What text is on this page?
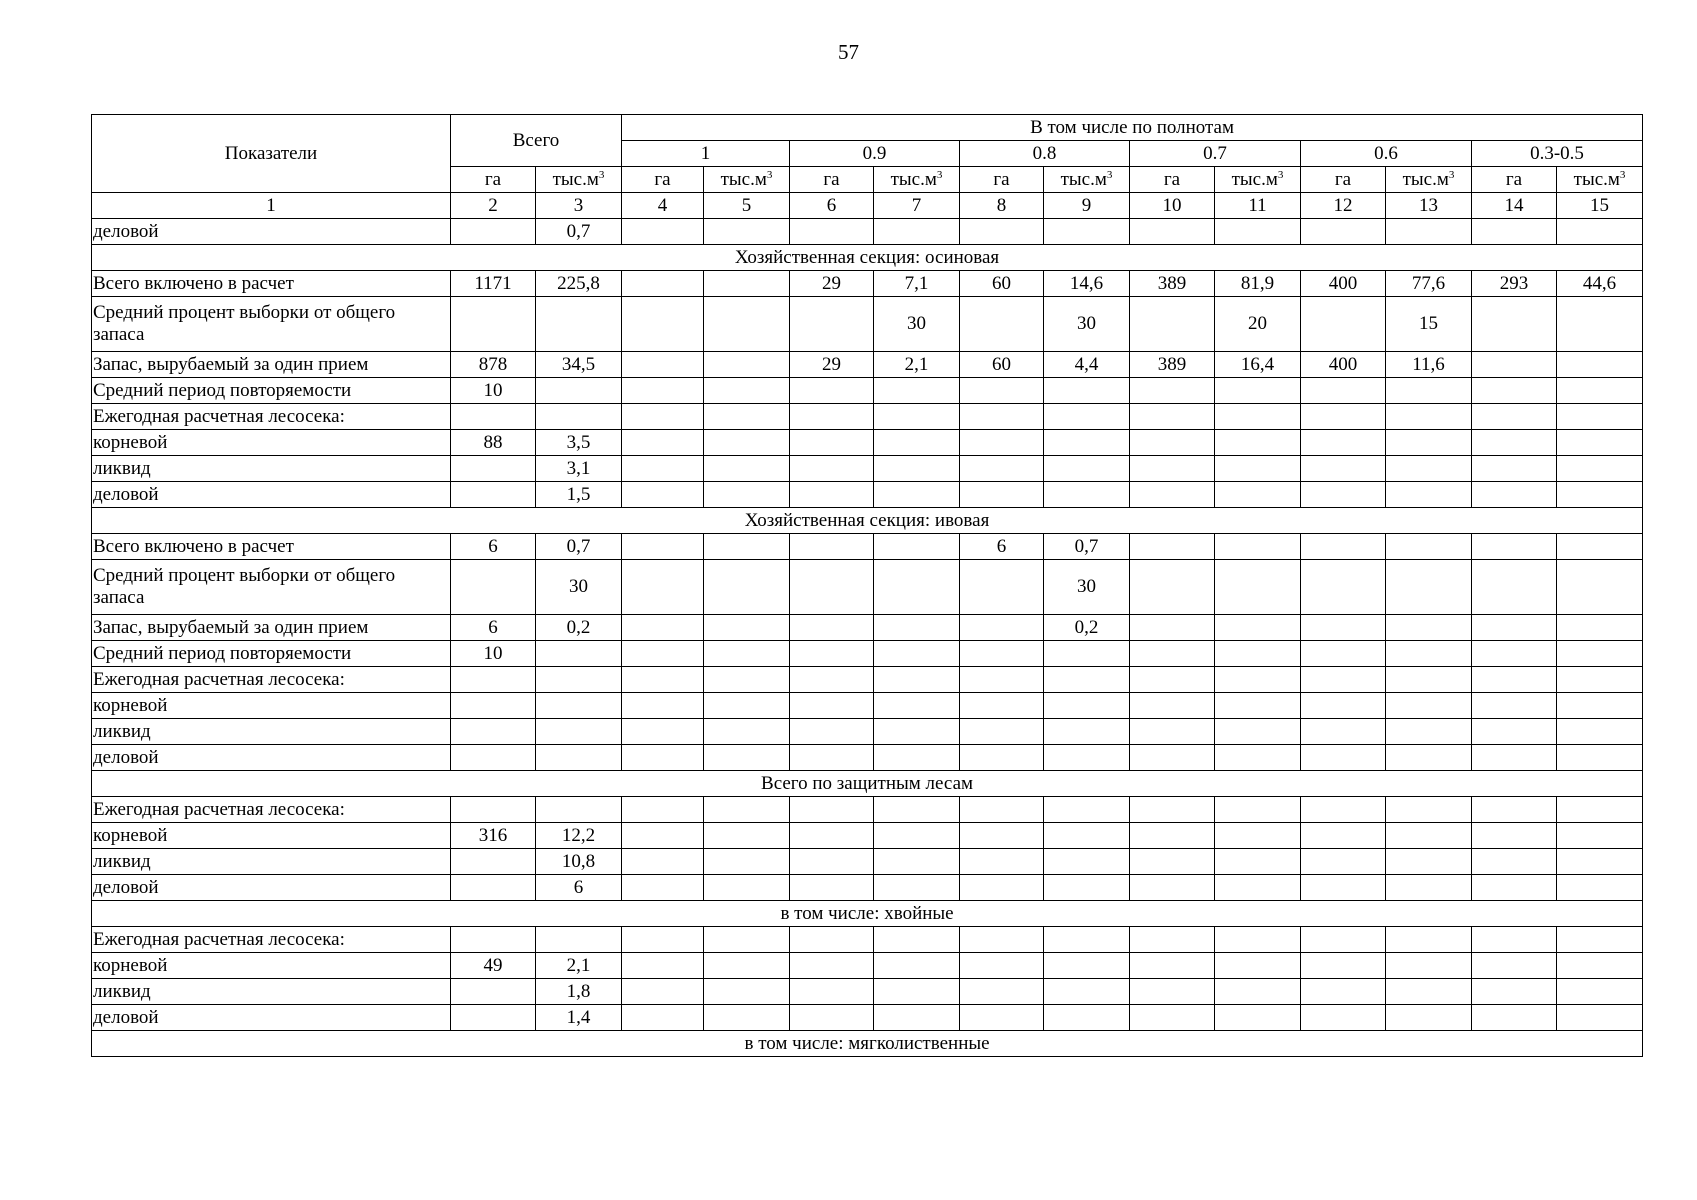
57
Показатели	Всего		В том числе по полнотам											
			1		0.9		0.8		0.7		0.6		0.3-0.5	
	га	$тыс.м^3$	га	$тыс.м^3$	га	$тыс.м^3$	га	$тыс.м^3$	га	$тыс.м^3$	га	$тыс.м^3$	га	$тыс.м^3$
1	2	3	4	5	6	7	8	9	10	11	12	13	14	15
деловой		0,7												
Хозяйственная секция: осиновая														
Всего включено в расчет	1171	225,8			29	7,1	60	14,6	389	81,9	400	77,6	293	44,6
Средний процент выборки от общего запаса						30		30		20		15		
Запас, вырубаемый за один прием	878	34,5			29	2,1	60	4,4	389	16,4	400	11,6		
Средний период повторяемости	10													
Ежегодная расчетная лесосека:														
корневой	88	3,5												
ликвид		3,1												
деловой		1,5												
Хозяйственная секция: ивовая														
Всего включено в расчет	6	0,7					6	0,7						
Средний процент выборки от общего запаса		30						30						
Запас, вырубаемый за один прием	6	0,2						0,2						
Средний период повторяемости	10													
Ежегодная расчетная лесосека:														
корневой														
ликвид														
деловой														
Всего по защитным лесам														
Ежегодная расчетная лесосека:														
корневой	316	12,2												
ликвид		10,8												
деловой		6												
в том числе: хвойные														
Ежегодная расчетная лесосека:														
корневой	49	2,1												
ликвид		1,8												
деловой		1,4												
в том числе: мягколиственные														
